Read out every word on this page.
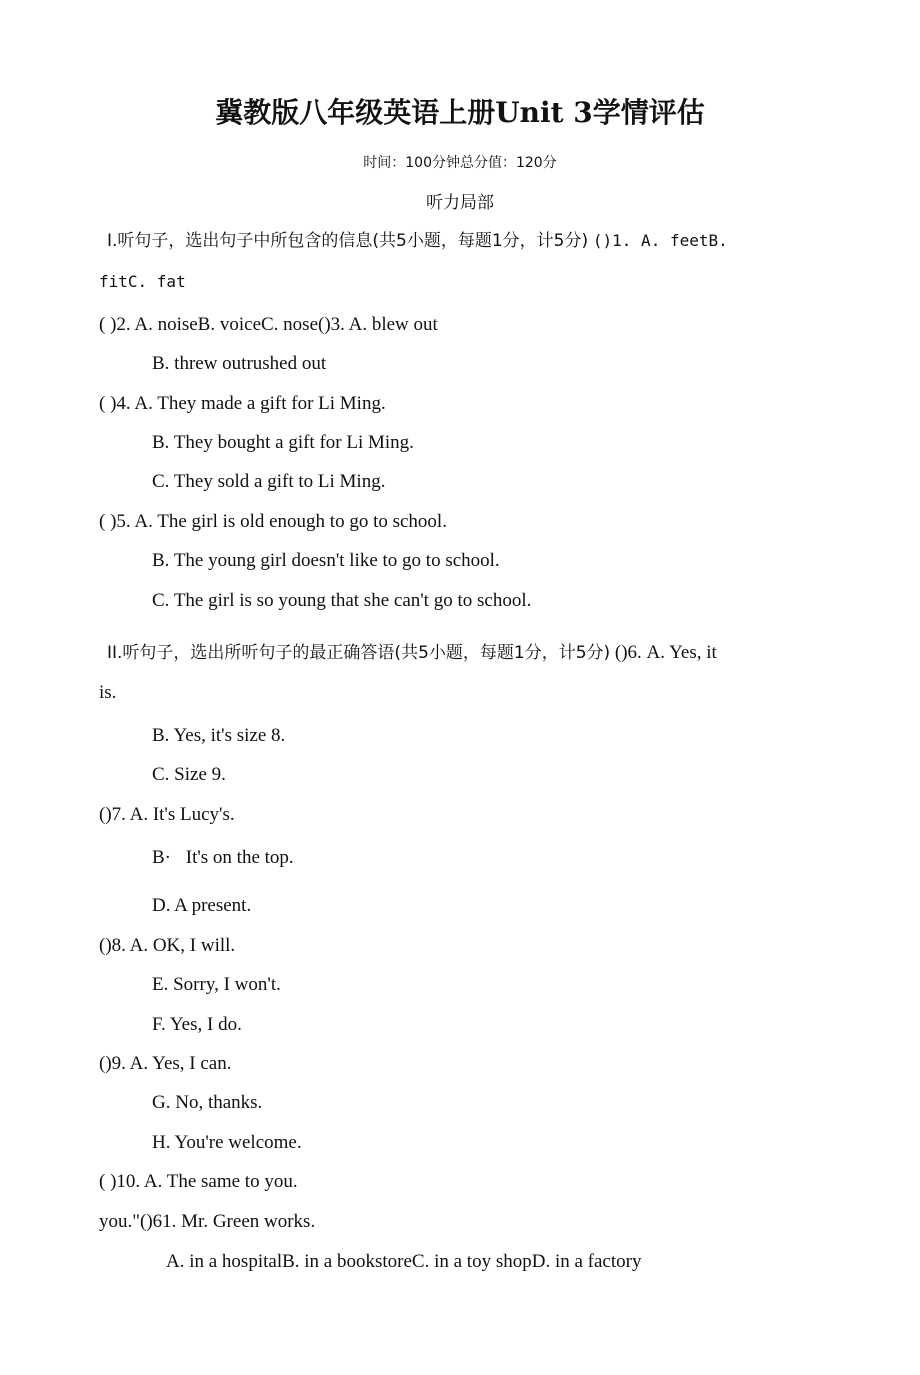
冀教版八年级英语上册Unit 3学情评估
时间：100分钟总分值：120分
听力局部
I.听句子，选出句子中所包含的信息(共5小题，每题1分，计5分) ()1. A. feetB.
fitC. fat
( )2. A. noiseB. voiceC. nose()3. A. blew out
B. threw outrushed out
( )4. A. They made a gift for Li Ming.
B. They bought a gift for Li Ming.
C. They sold a gift to Li Ming.
( )5. A. The girl is old enough to go to school.
B. The young girl doesn't like to go to school.
C. The girl is so young that she can't go to school.
II.听句子，选出所听句子的最正确答语(共5小题，每题1分，计5分) ()6. A. Yes, it
is.
B. Yes, it's size 8.
C. Size 9.
()7. A. It's Lucy's.
B· It's on the top.
D. A present.
()8. A. OK, I will.
E. Sorry, I won't.
F. Yes, I do.
()9. A. Yes, I can.
G. No, thanks.
H. You're welcome.
( )10. A. The same to you.
you."()61. Mr. Green works.
A. in a hospitalB. in a bookstoreC. in a toy shopD. in a factory
